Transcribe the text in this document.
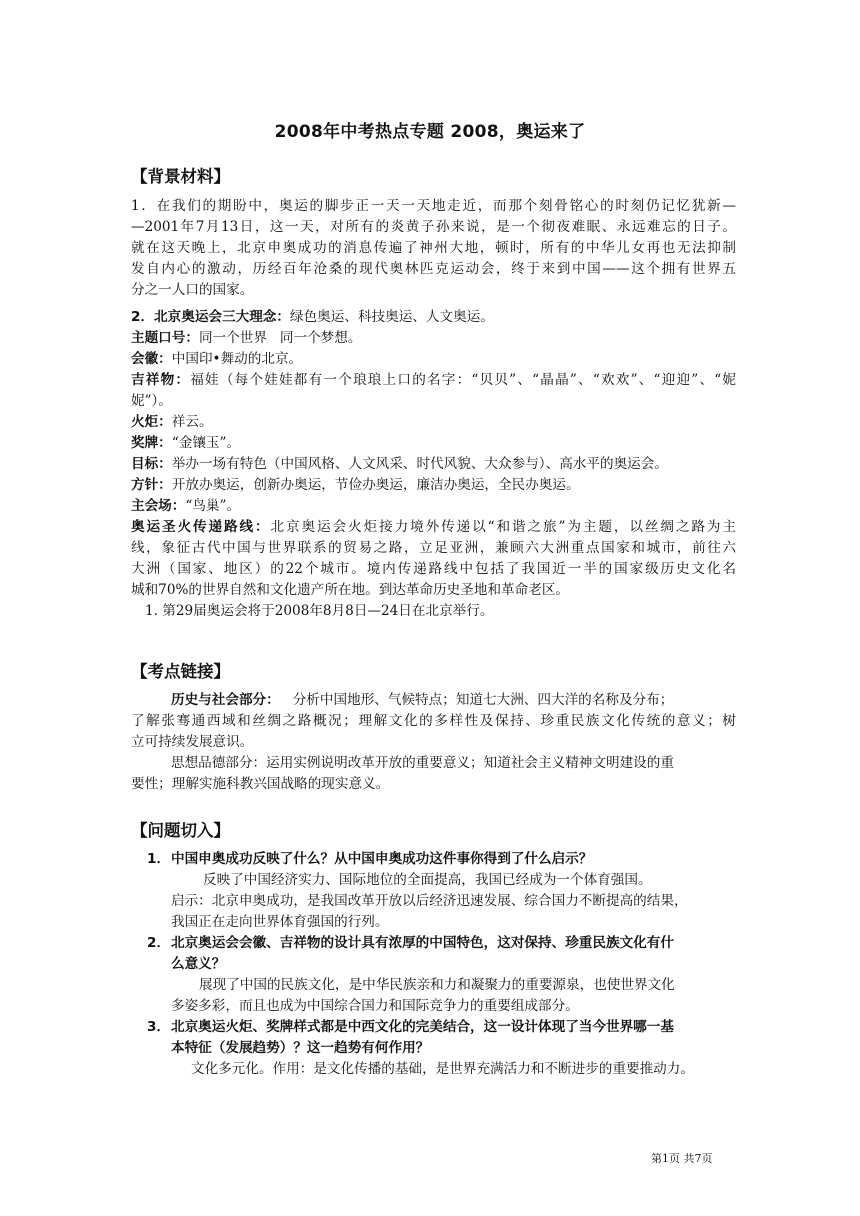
2008年中考热点专题 2008，奥运来了
【背景材料】
1．在我们的期盼中，奥运的脚步正一天一天地走近，而那个刻骨铭心的时刻仍记忆犹新—
—2001年7月13日，这一天，对所有的炎黄子孙来说，是一个彻夜难眠、永远难忘的日子。
就在这天晚上，北京申奥成功的消息传遍了神州大地，顿时，所有的中华儿女再也无法抑制
发自内心的激动，历经百年沧桑的现代奥林匹克运动会，终于来到中国——这个拥有世界五
分之一人口的国家。
2．北京奥运会三大理念：绿色奥运、科技奥运、人文奥运。
主题口号：同一个世界   同一个梦想。
会徽：中国印•舞动的北京。
吉祥物：福娃（每个娃娃都有一个琅琅上口的名字：“贝贝”、“晶晶”、“欢欢”、“迎迎”、“妮
妮”）。
火炬：祥云。
奖牌：“金镶玉”。
目标：举办一场有特色（中国风格、人文风采、时代风貌、大众参与）、高水平的奥运会。
方针：开放办奥运，创新办奥运，节俭办奥运，廉洁办奥运，全民办奥运。
主会场：“鸟巢”。
奥运圣火传递路线：北京奥运会火炬接力境外传递以“和谐之旅”为主题，以丝绸之路为主
线，象征古代中国与世界联系的贸易之路，立足亚洲，兼顾六大洲重点国家和城市，前往六
大洲（国家、地区）的22个城市。境内传递路线中包括了我国近一半的国家级历史文化名
城和70%的世界自然和文化遗产所在地。到达革命历史圣地和革命老区。
1. 第29届奥运会将于2008年8月8日—24日在北京举行。
【考点链接】
历史与社会部分：   分析中国地形、气候特点；知道七大洲、四大洋的名称及分布；
了解张骞通西域和丝绸之路概况；理解文化的多样性及保持、珍重民族文化传统的意义；树
立可持续发展意识。
思想品德部分：运用实例说明改革开放的重要意义；知道社会主义精神文明建设的重
要性；理解实施科教兴国战略的现实意义。
【问题切入】
1．中国申奥成功反映了什么？从中国申奥成功这件事你得到了什么启示？
反映了中国经济实力、国际地位的全面提高，我国已经成为一个体育强国。
启示：北京申奥成功，是我国改革开放以后经济迅速发展、综合国力不断提高的结果，
我国正在走向世界体育强国的行列。
2．北京奥运会会徽、吉祥物的设计具有浓厚的中国特色，这对保持、珍重民族文化有什
么意义？
展现了中国的民族文化，是中华民族亲和力和凝聚力的重要源泉，也使世界文化
多姿多彩，而且也成为中国综合国力和国际竞争力的重要组成部分。
3．北京奥运火炬、奖牌样式都是中西文化的完美结合，这一设计体现了当今世界哪一基
本特征（发展趋势）？这一趋势有何作用？
文化多元化。作用：是文化传播的基础，是世界充满活力和不断进步的重要推动力。
第1页 共7页
